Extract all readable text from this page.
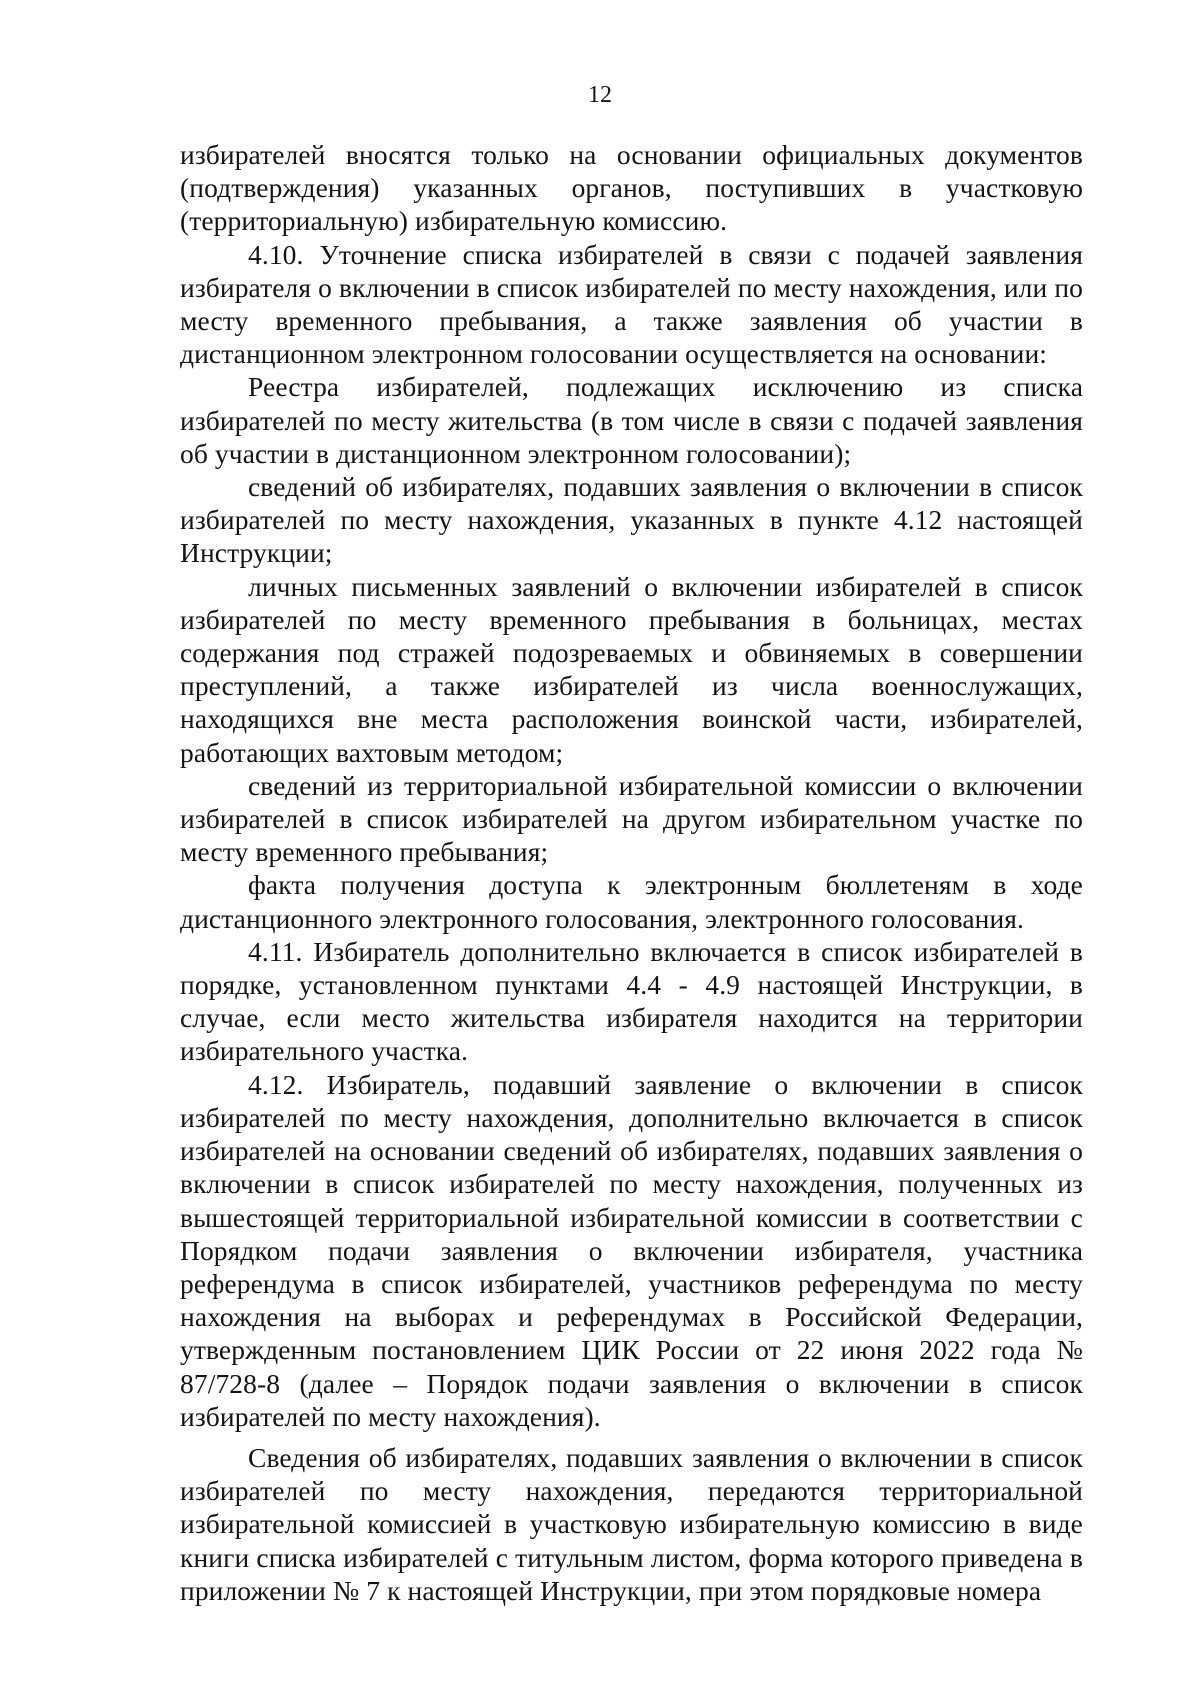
12

избирателей вносятся только на основании официальных документов (подтверждения) указанных органов, поступивших в участковую (территориальную) избирательную комиссию.

4.10. Уточнение списка избирателей в связи с подачей заявления избирателя о включении в список избирателей по месту нахождения, или по месту временного пребывания, а также заявления об участии в дистанционном электронном голосовании осуществляется на основании:

Реестра избирателей, подлежащих исключению из списка избирателей по месту жительства (в том числе в связи с подачей заявления об участии в дистанционном электронном голосовании);

сведений об избирателях, подавших заявления о включении в список избирателей по месту нахождения, указанных в пункте 4.12 настоящей Инструкции;

личных письменных заявлений о включении избирателей в список избирателей по месту временного пребывания в больницах, местах содержания под стражей подозреваемых и обвиняемых в совершении преступлений, а также избирателей из числа военнослужащих, находящихся вне места расположения воинской части, избирателей, работающих вахтовым методом;

сведений из территориальной избирательной комиссии о включении избирателей в список избирателей на другом избирательном участке по месту временного пребывания;

факта получения доступа к электронным бюллетеням в ходе дистанционного электронного голосования, электронного голосования.

4.11. Избиратель дополнительно включается в список избирателей в порядке, установленном пунктами 4.4 - 4.9 настоящей Инструкции, в случае, если место жительства избирателя находится на территории избирательного участка.

4.12. Избиратель, подавший заявление о включении в список избирателей по месту нахождения, дополнительно включается в список избирателей на основании сведений об избирателях, подавших заявления о включении в список избирателей по месту нахождения, полученных из вышестоящей территориальной избирательной комиссии в соответствии с Порядком подачи заявления о включении избирателя, участника референдума в список избирателей, участников референдума по месту нахождения на выборах и референдумах в Российской Федерации, утвержденным постановлением ЦИК России от 22 июня 2022 года № 87/728-8 (далее – Порядок подачи заявления о включении в список избирателей по месту нахождения).

Сведения об избирателях, подавших заявления о включении в список избирателей по месту нахождения, передаются территориальной избирательной комиссией в участковую избирательную комиссию в виде книги списка избирателей с титульным листом, форма которого приведена в приложении № 7 к настоящей Инструкции, при этом порядковые номера
